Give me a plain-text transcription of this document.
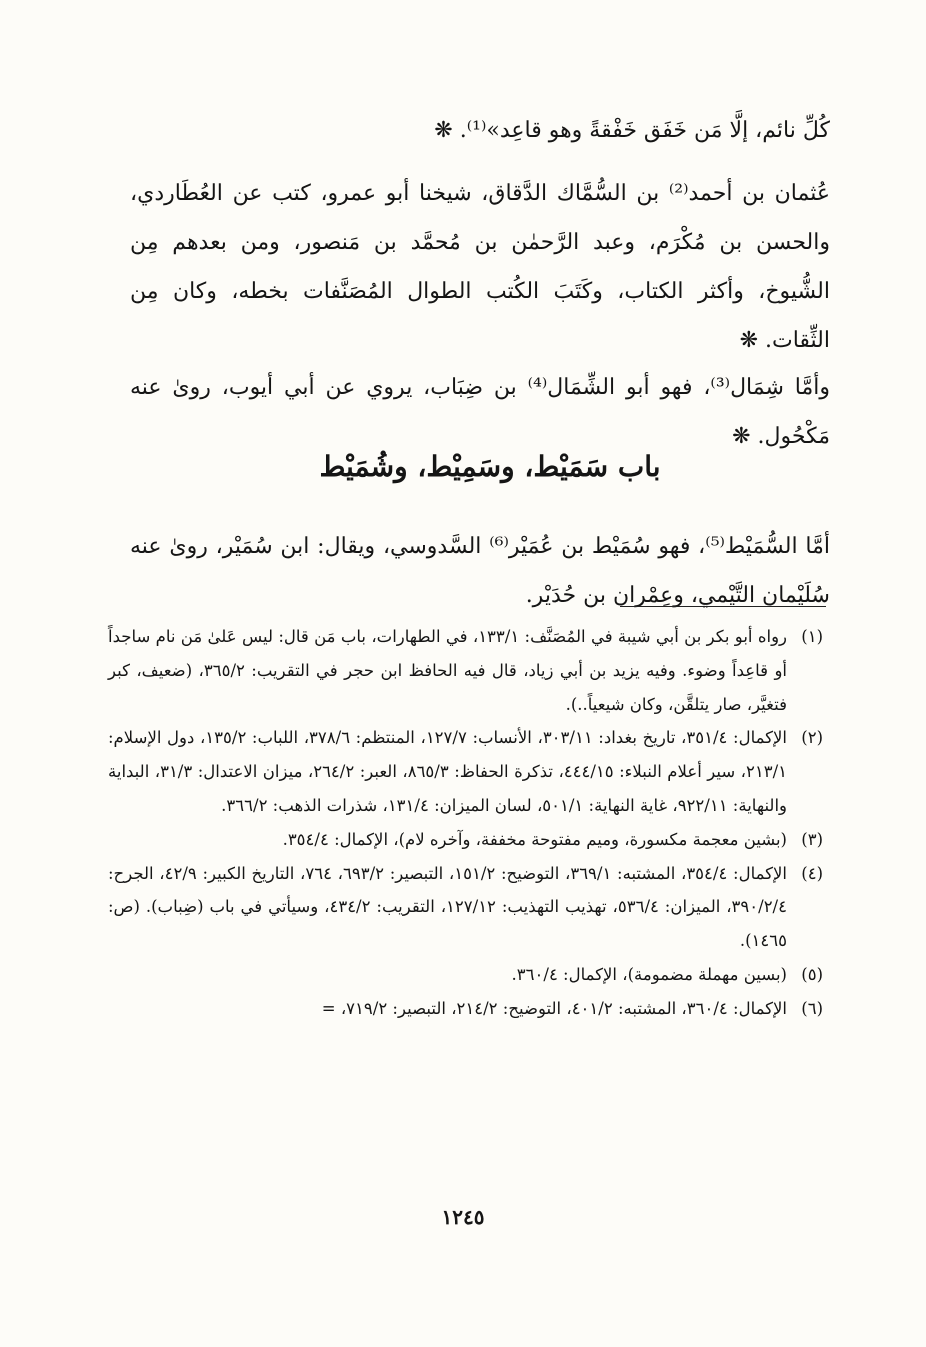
كُلِّ نائم، إلَّا مَن خَفَق خَفْقةً وهو قاعِد»⁽¹⁾. ❋

عُثمان بن أحمد⁽²⁾ بن السُّمَّاك الدَّقاق، شيخنا أبو عمرو، كتب عن العُطَاردي، والحسن بن مُكْرَم، وعبد الرَّحمٰن بن مُحمَّد بن مَنصور، ومن بعدهم مِن الشُّيوخ، وأكثر الكتاب، وكَتَبَ الكُتب الطوال المُصَنَّفات بخطه، وكان مِن الثِّقات. ❋

وأمَّا شِمَال⁽³⁾، فهو أبو الشِّمَال⁽⁴⁾ بن ضِبَاب، يروي عن أبي أيوب، روىٰ عنه مَكْحُول. ❋

باب سَمَيْط، وسَمِيْط، وشُمَيْط

أمَّا السُّمَيْط⁽⁵⁾، فهو سُمَيْط بن عُمَيْر⁽⁶⁾ السَّدوسي، ويقال: ابن سُمَيْر، روىٰ عنه سُلَيْمان التَّيْمي، وعِمْران بن حُدَيْر.

(١)
رواه أبو بكر بن أبي شيبة في المُصَنَّف: ١٣٣/١، في الطهارات، باب مَن قال: ليس عَلىٰ مَن نام ساجداً أو قاعِداً وضوء. وفيه يزيد بن أبي زياد، قال فيه الحافظ ابن حجر في التقريب: ٣٦٥/٢، (ضعيف، كبر فتغيَّر، صار يتلقَّن، وكان شيعياً..).
(٢)
الإكمال: ٣٥١/٤، تاريخ بغداد: ٣٠٣/١١، الأنساب: ١٢٧/٧، المنتظم: ٣٧٨/٦، اللباب: ١٣٥/٢، دول الإسلام: ٢١٣/١، سير أعلام النبلاء: ٤٤٤/١٥، تذكرة الحفاظ: ٨٦٥/٣، العبر: ٢٦٤/٢، ميزان الاعتدال: ٣١/٣، البداية والنهاية: ٩٢٢/١١، غاية النهاية: ٥٠١/١، لسان الميزان: ١٣١/٤، شذرات الذهب: ٣٦٦/٢.
(٣)
(بشين معجمة مكسورة، وميم مفتوحة مخففة، وآخره لام)، الإكمال: ٣٥٤/٤.
(٤)
الإكمال: ٣٥٤/٤، المشتبه: ٣٦٩/١، التوضيح: ١٥١/٢، التبصير: ٦٩٣/٢، ٧٦٤، التاريخ الكبير: ٤٢/٩، الجرح: ٣٩٠/٢/٤، الميزان: ٥٣٦/٤، تهذيب التهذيب: ١٢٧/١٢، التقريب: ٤٣٤/٢، وسيأتي في باب (ضِباب). (ص: ١٤٦٥).
(٥)
(بسين مهملة مضمومة)، الإكمال: ٣٦٠/٤.
(٦)
الإكمال: ٣٦٠/٤، المشتبه: ٤٠١/٢، التوضيح: ٢١٤/٢، التبصير: ٧١٩/٢، =
١٢٤٥
